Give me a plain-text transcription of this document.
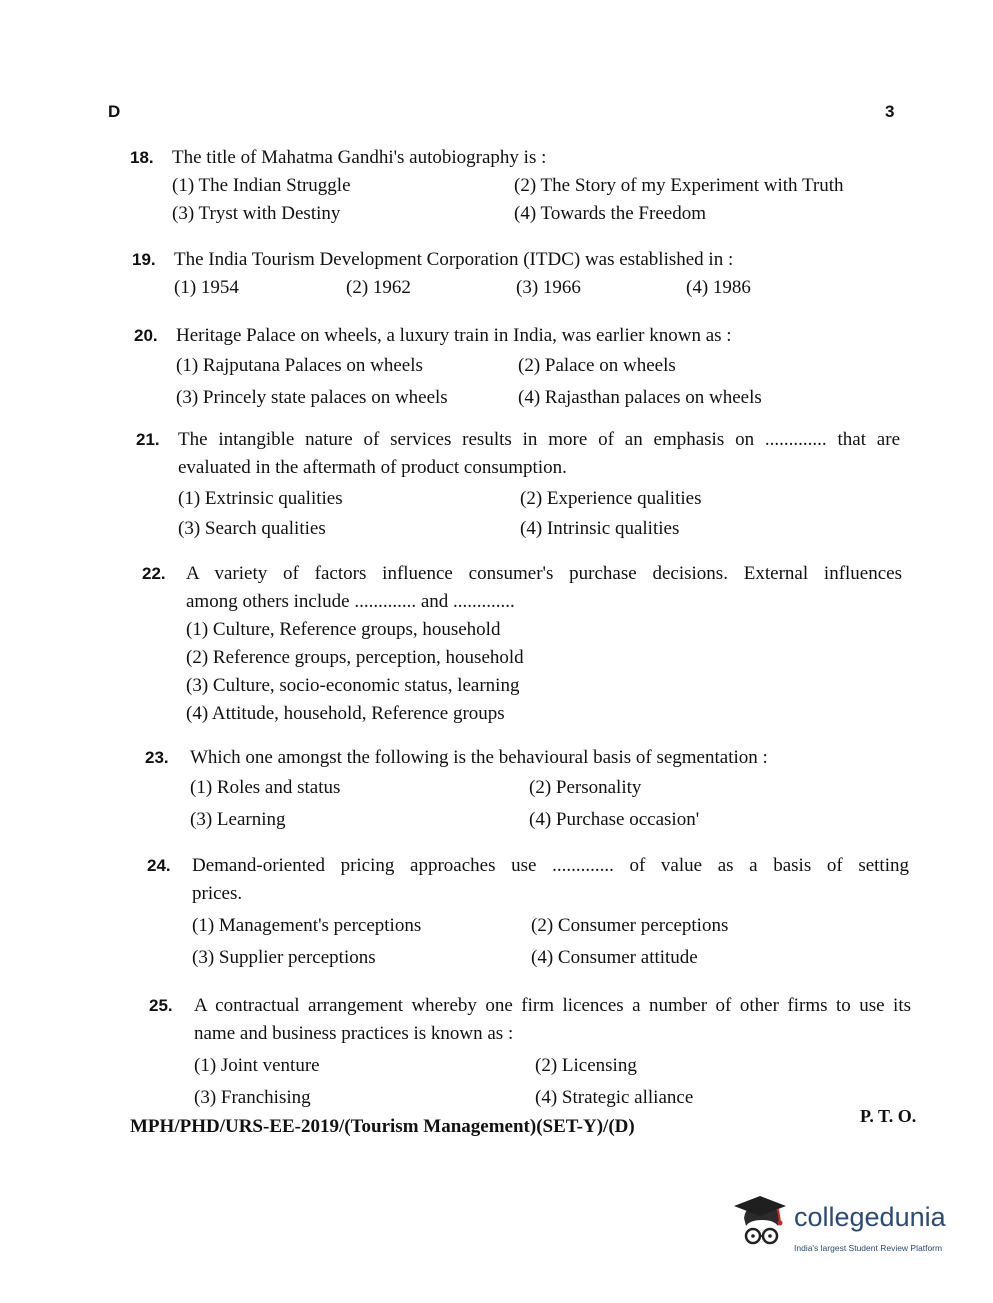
D	3
18. The title of Mahatma Gandhi's autobiography is :
(1) The Indian Struggle	(2) The Story of my Experiment with Truth
(3) Tryst with Destiny	(4) Towards the Freedom
19. The India Tourism Development Corporation (ITDC) was established in :
(1) 1954	(2) 1962	(3) 1966	(4) 1986
20. Heritage Palace on wheels, a luxury train in India, was earlier known as :
(1) Rajputana Palaces on wheels	(2) Palace on wheels
(3) Princely state palaces on wheels	(4) Rajasthan palaces on wheels
21. The intangible nature of services results in more of an emphasis on ............. that are
evaluated in the aftermath of product consumption.
(1) Extrinsic qualities	(2) Experience qualities
(3) Search qualities	(4) Intrinsic qualities
22.	A variety of factors influence consumer's purchase decisions. External influences
among others include ............. and .............
(1) Culture, Reference groups, household
(2) Reference groups, perception, household
(3) Culture, socio-economic status, learning
(4) Attitude, household, Reference groups
23.	Which one amongst the following is the behavioural basis of segmentation :
(1) Roles and status	(2) Personality
(3) Learning	(4) Purchase occasion'
24.	Demand-oriented pricing approaches use ............. of value as a basis of setting
prices.
(1) Management's perceptions	(2) Consumer perceptions
(3) Supplier perceptions	(4) Consumer attitude
25.	A contractual arrangement whereby one firm licences a number of other firms to use its
name and business practices is known as :
(1) Joint venture	(2) Licensing
(3) Franchising	(4) Strategic alliance
MPH/PHD/URS-EE-2019/(Tourism Management)(SET-Y)/(D)	P. T. O.
collegedunia
India's largest Student Review Platform
